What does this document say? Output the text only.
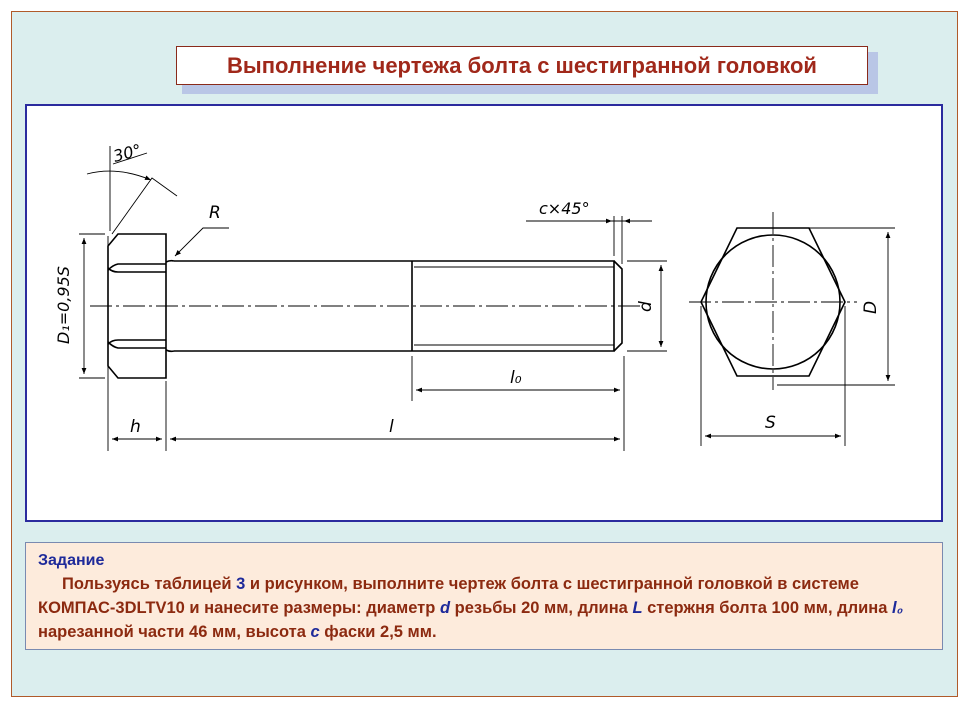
Выполнение чертежа болта с шестигранной головкой
30°
R	c×45°
D₁=0,95S	d
l₀
h	l
D
S
Задание
Пользуясь таблицей 3 и рисунком, выполните чертеж болта с шестигранной головкой в системе КОМПАС-3DLTV10 и нанесите размеры: диаметр d резьбы 20 мм, длина L стержня болта 100 мм, длина l₀ нарезанной части 46 мм, высота c фаски 2,5 мм.
